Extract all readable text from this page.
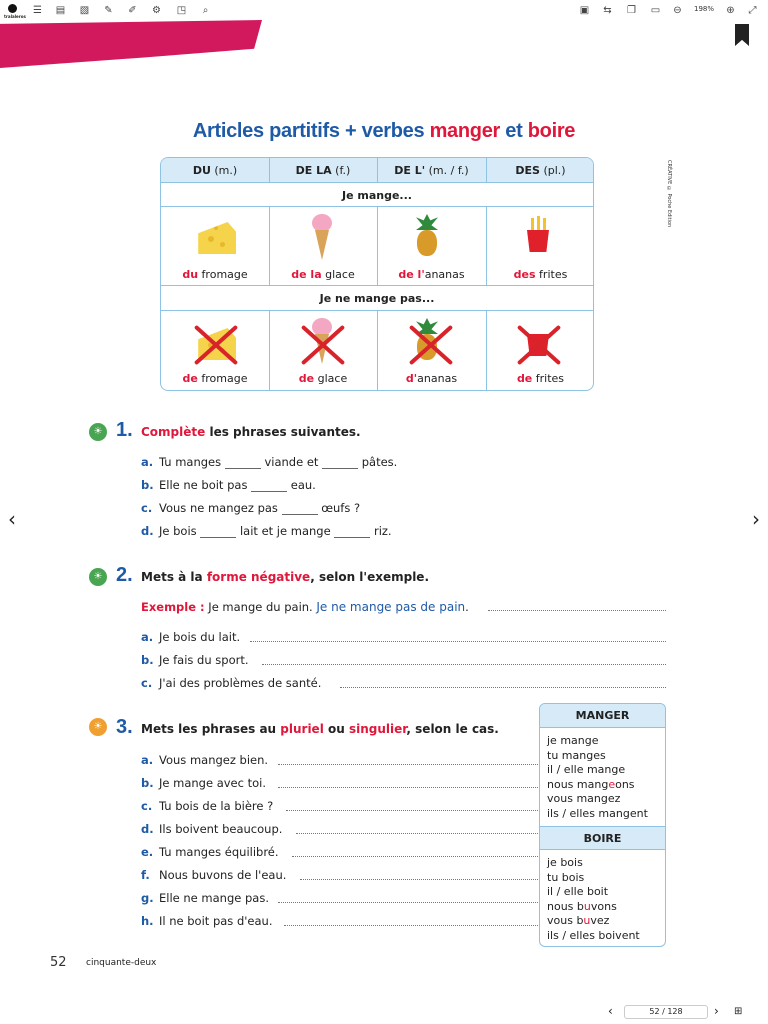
tralaleros
☰ ▤ ▧ ✎ ✐ ⚙ ◳	⌕	▣ ⇆ ❐ ▭ ⊖	198% ⊕ ⤢
CRÉATIVE © Poche Edition
Articles partitifs + verbes manger et boire
DU (m.)	DE LA (f.)	DE L' (m. / f.)	DES (pl.)
Je mange...
du fromage	de la glace	de l'ananas	des frites
Je ne mange pas...
de fromage	de glace	d'ananas	de frites
☀ 1. Complète les phrases suivantes.
a. Tu manges	viande et	pâtes.
b. Elle ne boit pas	eau.
c. Vous ne mangez pas	œufs ?
d. Je bois	lait et je mange	riz.
☀ 2. Mets à la forme négative, selon l'exemple.
Exemple : Je mange du pain. Je ne mange pas de pain.
a. Je bois du lait.
b. Je fais du sport.
c. J'ai des problèmes de santé.
☀ 3. Mets les phrases au pluriel ou singulier, selon le cas.
a. Vous mangez bien.
b. Je mange avec toi.
c. Tu bois de la bière ?
d. Ils boivent beaucoup.
e. Tu manges équilibré.
f. Nous buvons de l'eau.
g. Elle ne mange pas.
h. Il ne boit pas d'eau.
MANGER
je mange
tu manges
il / elle mange
nous mangeons
vous mangez
ils / elles mangent
BOIRE
je bois
tu bois
il / elle boit
nous buvons
vous buvez
ils / elles boivent
52 cinquante-deux
‹	›
‹	52 / 128	› ⊞
